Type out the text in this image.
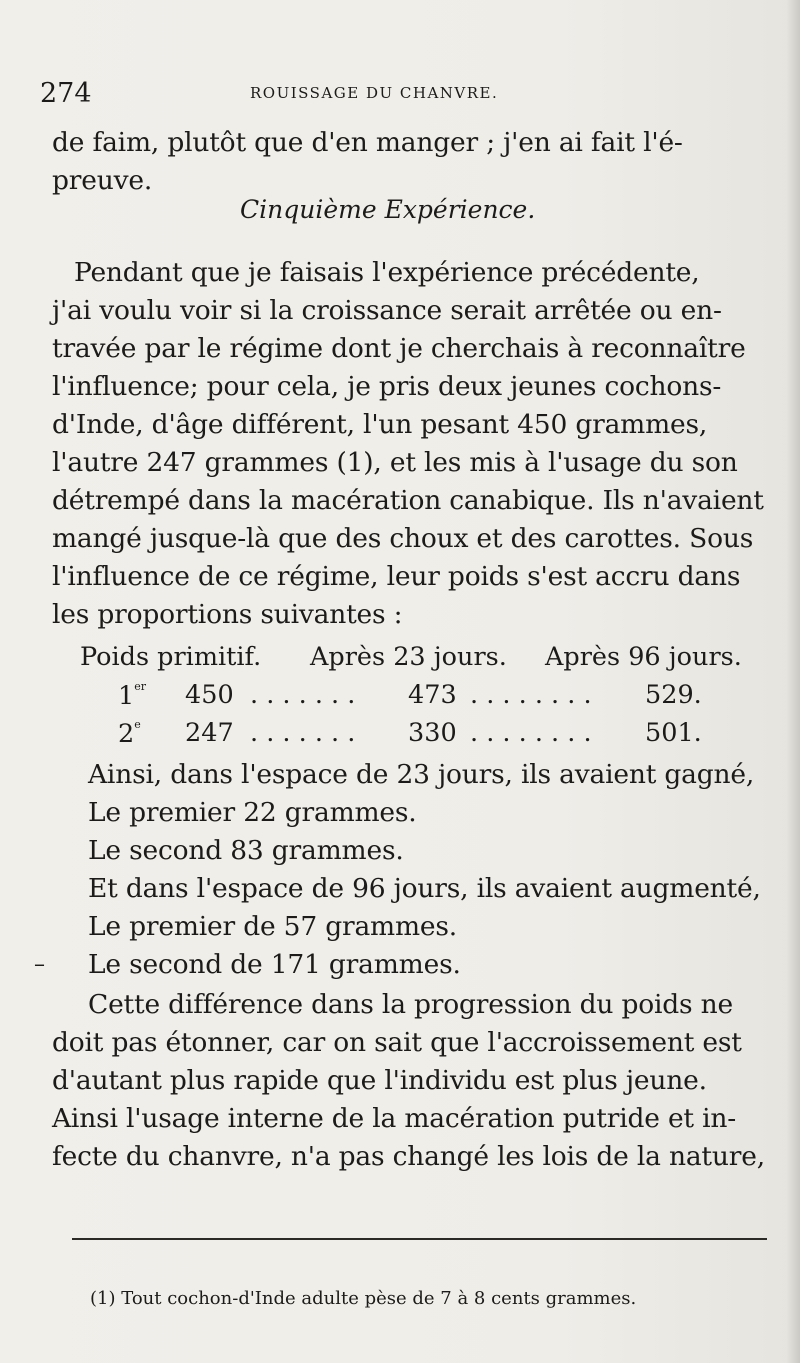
274	ROUISSAGE DU CHANVRE.
de faim, plutôt que d'en manger ; j'en ai fait l'é-
preuve.
Cinquième Expérience.
Pendant que je faisais l'expérience précédente,
j'ai voulu voir si la croissance serait arrêtée ou en-
travée par le régime dont je cherchais à reconnaître
l'influence; pour cela, je pris deux jeunes cochons-
d'Inde, d'âge différent, l'un pesant 450 grammes,
l'autre 247 grammes (1), et les mis à l'usage du son
détrempé dans la macération canabique. Ils n'avaient
mangé jusque-là que des choux et des carottes. Sous
l'influence de ce régime, leur poids s'est accru dans
les proportions suivantes :
Poids primitif. Après 23 jours. Après 96 jours.
1er 450 . . . . . . . 473 . . . . . . . . 529.
2e 247 . . . . . . . 330 . . . . . . . . 501.
Ainsi, dans l'espace de 23 jours, ils avaient gagné,
Le premier 22 grammes.
Le second 83 grammes.
Et dans l'espace de 96 jours, ils avaient augmenté,
Le premier de 57 grammes.
Le second de 171 grammes.
–
Cette différence dans la progression du poids ne
doit pas étonner, car on sait que l'accroissement est
d'autant plus rapide que l'individu est plus jeune.
Ainsi l'usage interne de la macération putride et in-
fecte du chanvre, n'a pas changé les lois de la nature,
(1) Tout cochon-d'Inde adulte pèse de 7 à 8 cents grammes.
